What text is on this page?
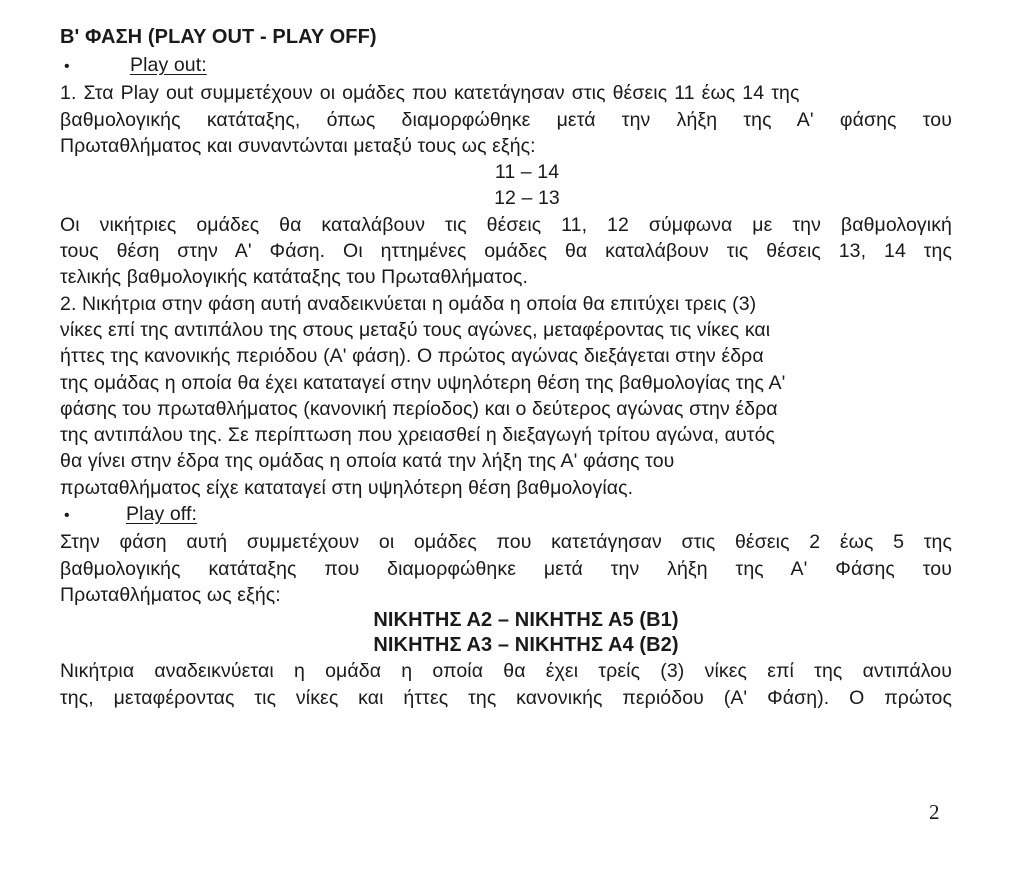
Β' ΦΑΣΗ (PLAY OUT - PLAY OFF)
•	Play out:
1. Στα Play out συμμετέχουν οι ομάδες που κατετάγησαν στις θέσεις 11 έως 14 της
βαθμολογικής κατάταξης, όπως διαμορφώθηκε μετά την λήξη της Α' φάσης του
Πρωταθλήματος και συναντώνται μεταξύ τους ως εξής:
11 – 14
12 – 13
Οι νικήτριες ομάδες θα καταλάβουν τις θέσεις 11, 12 σύμφωνα με την βαθμολογική
τους θέση στην Α' Φάση. Οι ηττημένες ομάδες θα καταλάβουν τις θέσεις 13, 14 της
τελικής βαθμολογικής κατάταξης του Πρωταθλήματος.
2. Νικήτρια στην φάση αυτή αναδεικνύεται η ομάδα η οποία θα επιτύχει τρεις (3)
νίκες επί της αντιπάλου της στους μεταξύ τους αγώνες, μεταφέροντας τις νίκες και
ήττες της κανονικής περιόδου (Α' φάση). Ο πρώτος αγώνας διεξάγεται στην έδρα
της ομάδας η οποία θα έχει καταταγεί στην υψηλότερη θέση της βαθμολογίας της Α'
φάσης του πρωταθλήματος (κανονική περίοδος) και ο δεύτερος αγώνας στην έδρα
της αντιπάλου της. Σε περίπτωση που χρειασθεί η διεξαγωγή τρίτου αγώνα, αυτός
θα γίνει στην έδρα της ομάδας η οποία κατά την λήξη της Α' φάσης του
πρωταθλήματος είχε καταταγεί στη υψηλότερη θέση βαθμολογίας.
•	Play off:
Στην φάση αυτή συμμετέχουν οι ομάδες που κατετάγησαν στις θέσεις 2 έως 5 της
βαθμολογικής κατάταξης που διαμορφώθηκε μετά την λήξη της Α' Φάσης του
Πρωταθλήματος ως εξής:
ΝΙΚΗΤΗΣ Α2 – ΝΙΚΗΤΗΣ Α5 (Β1)
ΝΙΚΗΤΗΣ Α3 – ΝΙΚΗΤΗΣ Α4 (Β2)
Νικήτρια αναδεικνύεται η ομάδα η οποία θα έχει τρείς (3) νίκες επί της αντιπάλου
της, μεταφέροντας τις νίκες και ήττες της κανονικής περιόδου (Α' Φάση). Ο πρώτος
2
